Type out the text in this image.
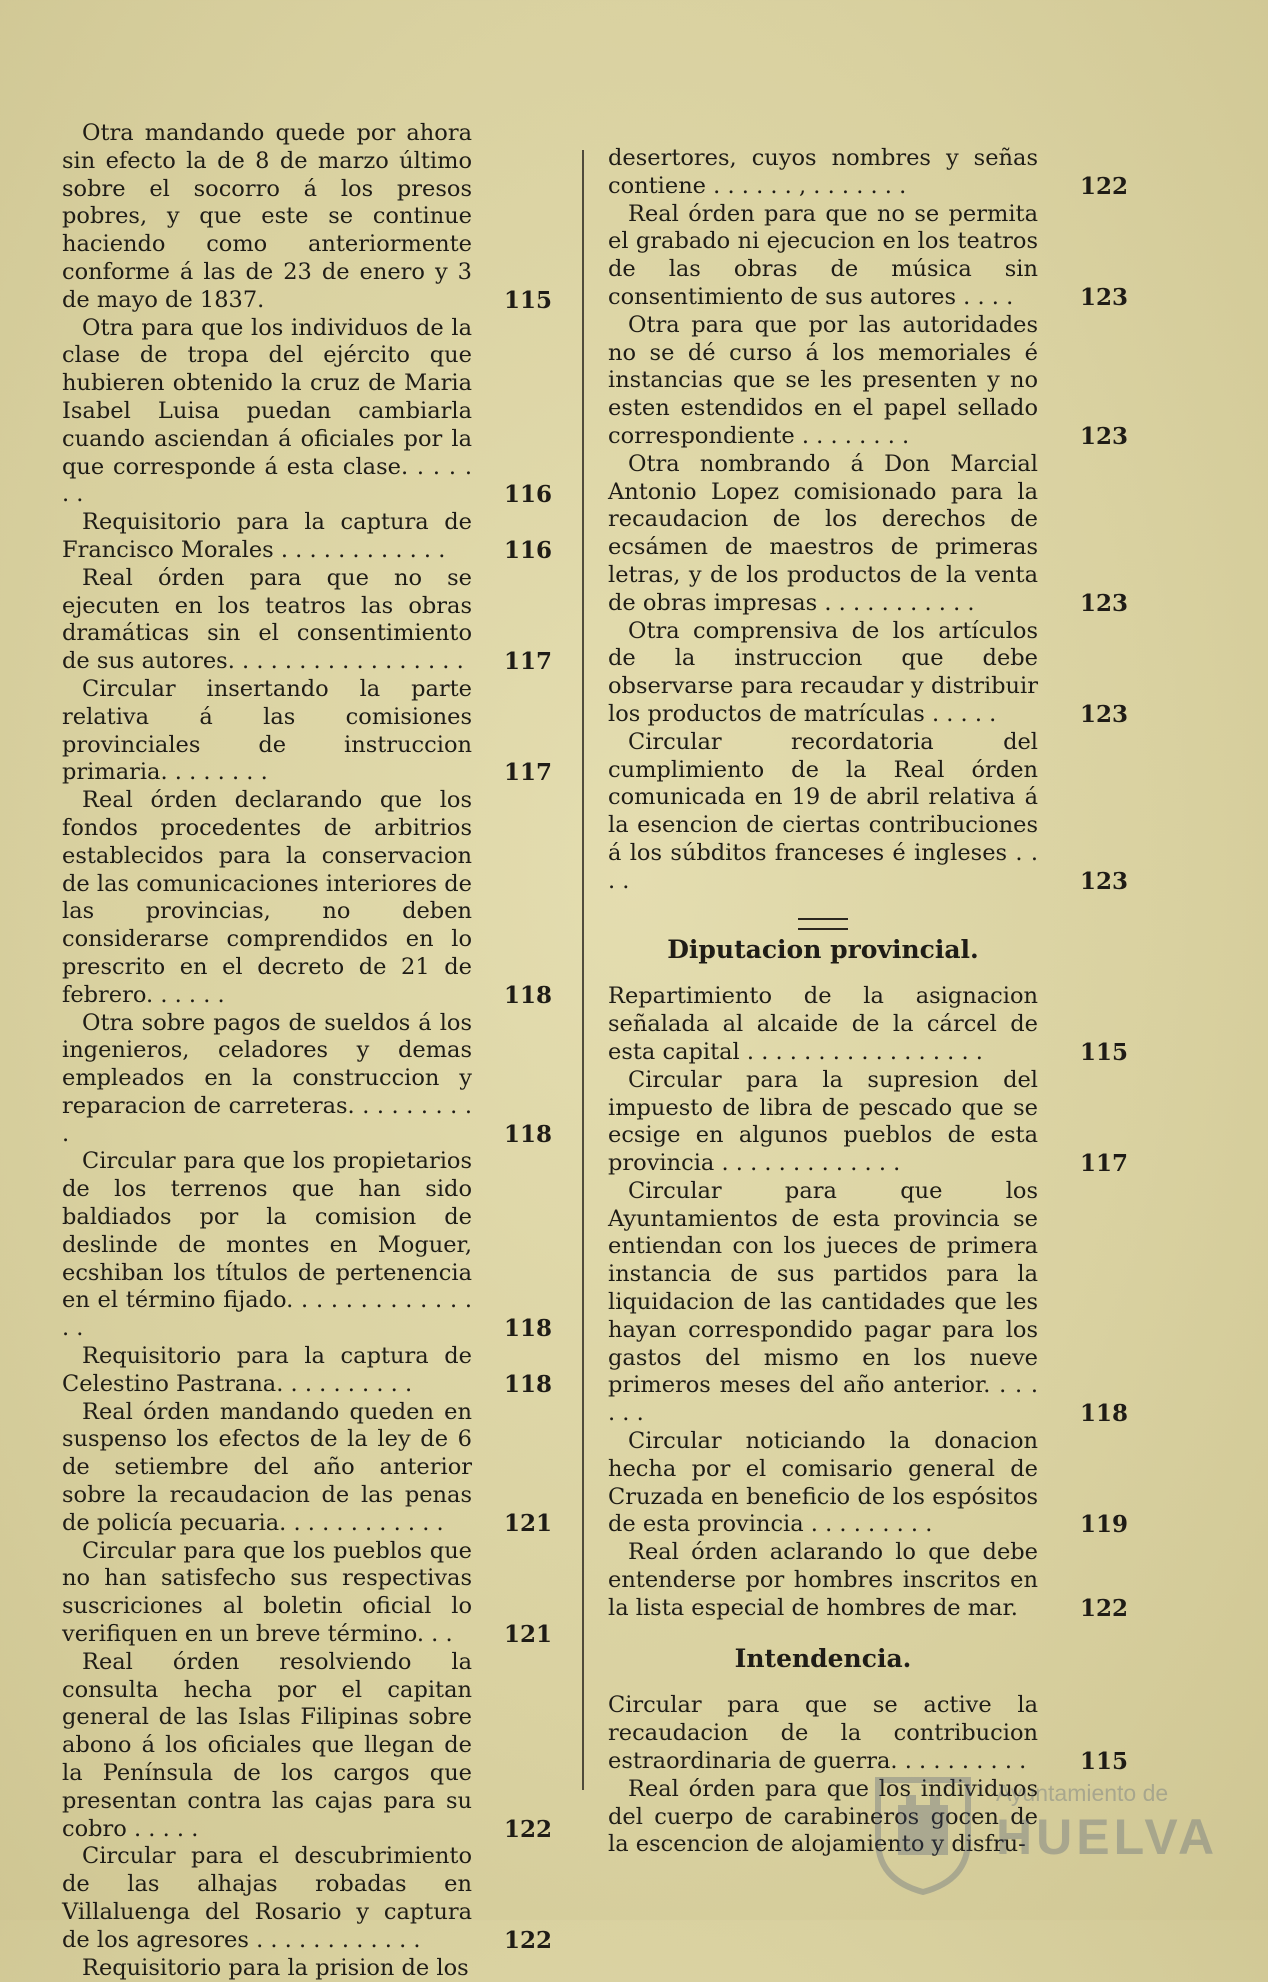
Otra mandando quede por ahora sin efecto la de 8 de marzo último sobre el socorro á los presos pobres, y que este se continue haciendo como anteriormente conforme á las de 23 de enero y 3 de mayo de 1837.	115
Otra para que los individuos de la clase de tropa del ejército que hubieren obtenido la cruz de Maria Isabel Luisa puedan cambiarla cuando asciendan á oficiales por la que corresponde á esta clase. . . . . . .	116
Requisitorio para la captura de Francisco Morales . . . . . . . . . . . .	116
Real órden para que no se ejecuten en los teatros las obras dramáticas sin el consentimiento de sus autores. . . . . . . . . . . . . . . . .	117
Circular insertando la parte relativa á las comisiones provinciales de instruccion primaria. . . . . . . .	117
Real órden declarando que los fondos procedentes de arbitrios establecidos para la conservacion de las comunicaciones interiores de las provincias, no deben considerarse comprendidos en lo prescrito en el decreto de 21 de febrero. . . . . .	118
Otra sobre pagos de sueldos á los ingenieros, celadores y demas empleados en la construccion y reparacion de carreteras. . . . . . . . . .	118
Circular para que los propietarios de los terrenos que han sido baldiados por la comision de deslinde de montes en Moguer, ecshiban los títulos de pertenencia en el término fijado. . . . . . . . . . . . . . .	118
Requisitorio para la captura de Celestino Pastrana. . . . . . . . . .	118
Real órden mandando queden en suspenso los efectos de la ley de 6 de setiembre del año anterior sobre la recaudacion de las penas de policía pecuaria. . . . . . . . . . . .	121
Circular para que los pueblos que no han satisfecho sus respectivas suscriciones al boletin oficial lo verifiquen en un breve término. . .	121
Real órden resolviendo la consulta hecha por el capitan general de las Islas Filipinas sobre abono á los oficiales que llegan de la Península de los cargos que presentan contra las cajas para su cobro . . . . .	122
Circular para el descubrimiento de las alhajas robadas en Villaluenga del Rosario y captura de los agresores . . . . . . . . . . . .	122
Requisitorio para la prision de los
desertores, cuyos nombres y señas contiene . . . . . . , . . . . . . .	122
Real órden para que no se permita el grabado ni ejecucion en los teatros de las obras de música sin consentimiento de sus autores . . . .	123
Otra para que por las autoridades no se dé curso á los memoriales é instancias que se les presenten y no esten estendidos en el papel sellado correspondiente . . . . . . . .	123
Otra nombrando á Don Marcial Antonio Lopez comisionado para la recaudacion de los derechos de ecsámen de maestros de primeras letras, y de los productos de la venta de obras impresas . . . . . . . . . . .	123
Otra comprensiva de los artículos de la instruccion que debe observarse para recaudar y distribuir los productos de matrículas . . . . .	123
Circular recordatoria del cumplimiento de la Real órden comunicada en 19 de abril relativa á la esencion de ciertas contribuciones á los súbditos franceses é ingleses . . . .	123
Diputacion provincial.
Repartimiento de la asignacion señalada al alcaide de la cárcel de esta capital . . . . . . . . . . . . . . . . .	115
Circular para la supresion del impuesto de libra de pescado que se ecsige en algunos pueblos de esta provincia . . . . . . . . . . . . .	117
Circular para que los Ayuntamientos de esta provincia se entiendan con los jueces de primera instancia de sus partidos para la liquidacion de las cantidades que les hayan correspondido pagar para los gastos del mismo en los nueve primeros meses del año anterior. . . . . . .	118
Circular noticiando la donacion hecha por el comisario general de Cruzada en beneficio de los espósitos de esta provincia . . . . . . . . .	119
Real órden aclarando lo que debe entenderse por hombres inscritos en la lista especial de hombres de mar.	122
Intendencia.
Circular para que se active la recaudacion de la contribucion estraordinaria de guerra. . . . . . . . . .	115
Real órden para que los individuos del cuerpo de carabineros gocen de la escencion de alojamiento y disfru-
Ayuntamiento de
HUELVA
